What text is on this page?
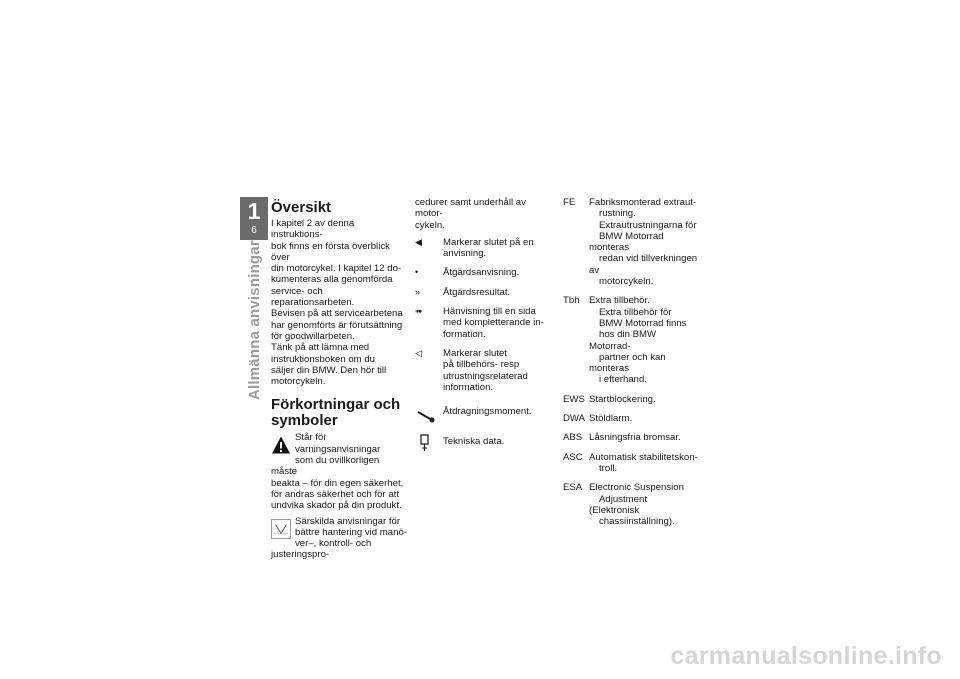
1
6
Allmänna anvisningar
Översikt

I kapitel 2 av denna instruktions-
bok finns en första överblick över
din motorcykel. I kapitel 12 do-
kumenteras alla genomförda
service- och reparationsarbeten.
Bevisen på att servicearbetena
har genomförts är förutsättning
för goodwillarbeten.
Tänk på att lämna med
instruktionsboken om du
säljer din BMW. Den hör till
motorcykeln.

Förkortningar och
symboler

Står för varningsanvisningar
som du ovillkorligen måste
beakta – för din egen säkerhet,
för andras säkerhet och för att
undvika skador på din produkt.

Särskilda anvisningar för
bättre hantering vid manö-
ver–, kontroll- och justeringspro-

cedurer samt underhåll av motor-
cykeln.

◀	Markerar slutet på en
anvisning.
•	Åtgärdsanvisning.
»	Åtgärdsresultat.
➠	Hänvisning till en sida
med kompletterande in-
formation.
◁	Markerar slutet
på tillbehörs- resp
utrustningsrelaterad
information.
Åtdragningsmoment.
Tekniska data.
FE	Fabriksmonterad extraut-
rustning.
Extrautrustningarna för
BMW Motorrad monteras
redan vid tillverkningen av
motorcykeln.
Tbh Extra tillbehör.
Extra tillbehör för
BMW Motorrad finns
hos din BMW Motorrad-
partner och kan monteras
i efterhand.
EWS Startblockering.
DWA Stöldlarm.
ABS Låsningsfria bromsar.
ASC Automatisk stabilitetskon-
troll.
ESA Electronic Suspension
Adjustment (Elektronisk
chassiinställning).
carmanualsonline.info
